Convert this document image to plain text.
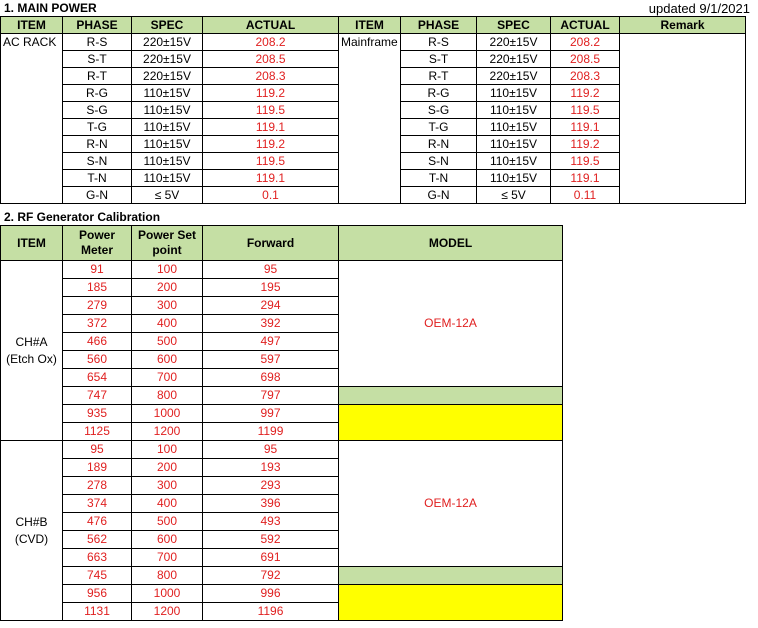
1. MAIN POWER	updated 9/1/2021
ITEM	PHASE	SPEC	ACTUAL	ITEM	PHASE	SPEC	ACTUAL	Remark
AC RACK	R-S	220±15V	208.2	Mainframe	R-S	220±15V	208.2	
	S-T	220±15V	208.5		S-T	220±15V	208.5	
	R-T	220±15V	208.3		R-T	220±15V	208.3	
	R-G	110±15V	119.2		R-G	110±15V	119.2	
	S-G	110±15V	119.5		S-G	110±15V	119.5	
	T-G	110±15V	119.1		T-G	110±15V	119.1	
	R-N	110±15V	119.2		R-N	110±15V	119.2	
	S-N	110±15V	119.5		S-N	110±15V	119.5	
	T-N	110±15V	119.1		T-N	110±15V	119.1	
	G-N	≤ 5V	0.1		G-N	≤ 5V	0.11	
2. RF Generator Calibration
ITEM	Power Meter	Power Set point	Forward	MODEL
CH#A (Etch Ox)	91	100	95	OEM-12A
	185	200	195	
	279	300	294	
	372	400	392	
	466	500	497	
	560	600	597	
	654	700	698	
	747	800	797	
	935	1000	997	
	1125	1200	1199	
CH#B (CVD)	95	100	95	OEM-12A
	189	200	193	
	278	300	293	
	374	400	396	
	476	500	493	
	562	600	592	
	663	700	691	
	745	800	792	
	956	1000	996	
	1131	1200	1196	
